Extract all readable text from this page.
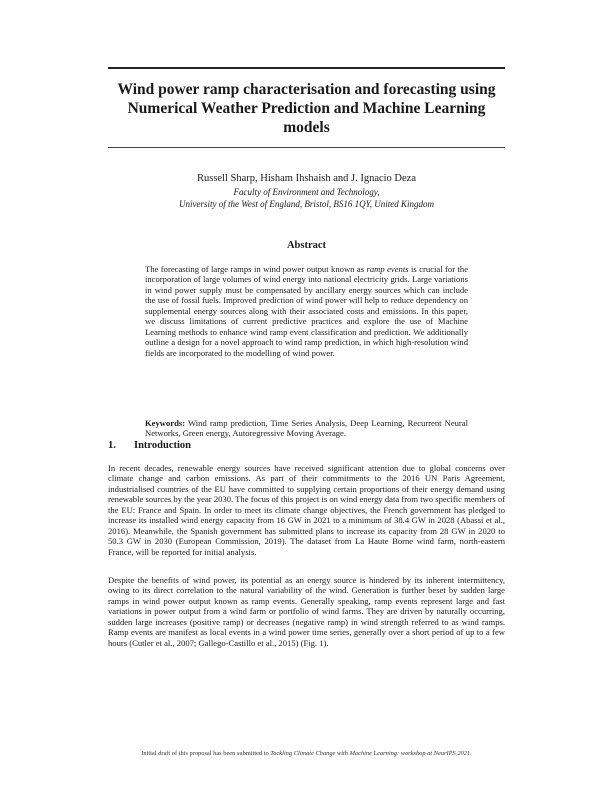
Wind power ramp characterisation and forecasting using Numerical Weather Prediction and Machine Learning models
Russell Sharp, Hisham Ihshaish and J. Ignacio Deza
Faculty of Environment and Technology,
University of the West of England, Bristol, BS16 1QY, United Kingdom
Abstract
The forecasting of large ramps in wind power output known as ramp events is crucial for the incorporation of large volumes of wind energy into national electricity grids. Large variations in wind power supply must be compensated by ancillary energy sources which can include the use of fossil fuels. Improved prediction of wind power will help to reduce dependency on supplemental energy sources along with their associated costs and emissions. In this paper, we discuss limitations of current predictive practices and explore the use of Machine Learning methods to enhance wind ramp event classification and prediction. We additionally outline a design for a novel approach to wind ramp prediction, in which high-resolution wind fields are incorporated to the modelling of wind power.
Keywords: Wind ramp prediction, Time Series Analysis, Deep Learning, Recurrent Neural Networks, Green energy, Autoregressive Moving Average.
1. Introduction
In recent decades, renewable energy sources have received significant attention due to global concerns over climate change and carbon emissions. As part of their commitments to the 2016 UN Paris Agreement, industrialised countries of the EU have committed to supplying certain proportions of their energy demand using renewable sources by the year 2030. The focus of this project is on wind energy data from two specific members of the EU: France and Spain. In order to meet its climate change objectives, the French government has pledged to increase its installed wind energy capacity from 16 GW in 2021 to a minimum of 38.4 GW in 2028 (Abassi et al., 2016). Meanwhile, the Spanish government has submitted plans to increase its capacity from 28 GW in 2020 to 50.3 GW in 2030 (European Commission, 2019). The dataset from La Haute Borne wind farm, north-eastern France, will be reported for initial analysis.
Despite the benefits of wind power, its potential as an energy source is hindered by its inherent intermittency, owing to its direct correlation to the natural variability of the wind. Generation is further beset by sudden large ramps in wind power output known as ramp events. Generally speaking, ramp events represent large and fast variations in power output from a wind farm or portfolio of wind farms. They are driven by naturally occurring, sudden large increases (positive ramp) or decreases (negative ramp) in wind strength referred to as wind ramps. Ramp events are manifest as local events in a wind power time series, generally over a short period of up to a few hours (Cutler et al., 2007; Gallego-Castillo et al., 2015) (Fig. 1).
Initial draft of this proposal has been submitted to Tackling Climate Change with Machine Learning: workshop at NeurIPS 2021.
